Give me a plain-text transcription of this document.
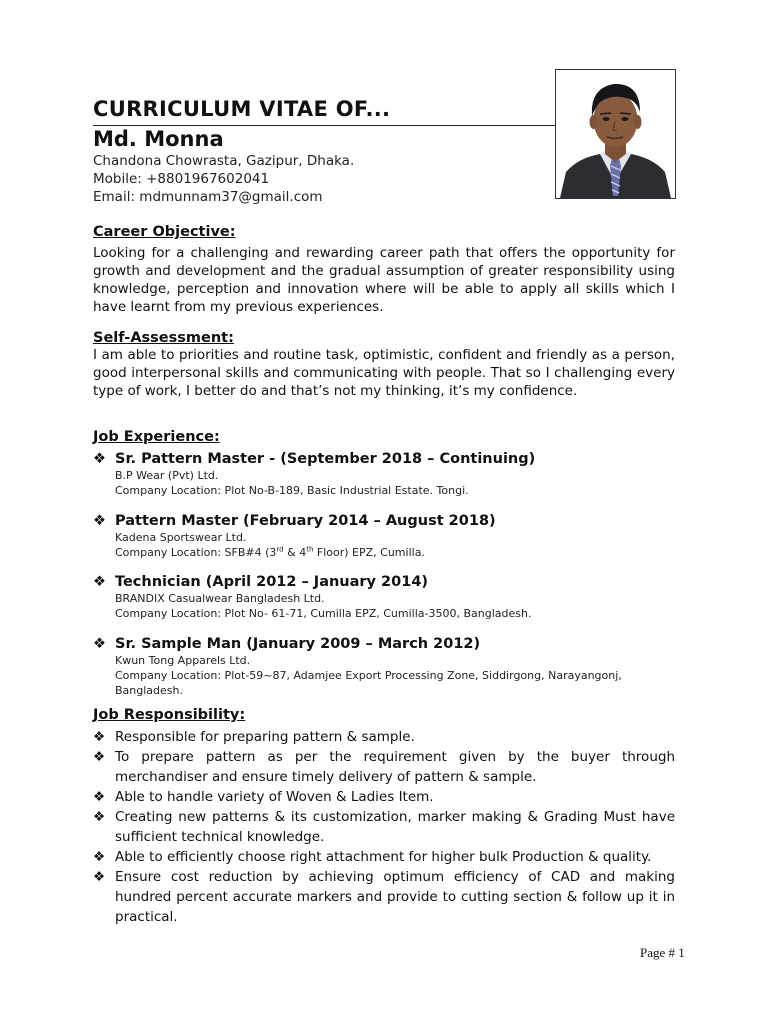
CURRICULUM VITAE OF...
Md. Monna
Chandona Chowrasta, Gazipur, Dhaka.
Mobile: +8801967602041
Email: mdmunnam37@gmail.com
Career Objective:
Looking for a challenging and rewarding career path that offers the opportunity for growth and development and the gradual assumption of greater responsibility using knowledge, perception and innovation where will be able to apply all skills which I have learnt from my previous experiences.
Self-Assessment:
I am able to priorities and routine task, optimistic, confident and friendly as a person, good interpersonal skills and communicating with people. That so I challenging every type of work, I better do and that’s not my thinking, it’s my confidence.
Job Experience:
❖ Sr. Pattern Master - (September 2018 – Continuing)
B.P Wear (Pvt) Ltd.
Company Location: Plot No-B-189, Basic Industrial Estate. Tongi.
❖ Pattern Master (February 2014 – August 2018)
Kadena Sportswear Ltd.
Company Location: SFB#4 (3rd & 4th Floor) EPZ, Cumilla.
❖ Technician (April 2012 – January 2014)
BRANDIX Casualwear Bangladesh Ltd.
Company Location: Plot No- 61-71, Cumilla EPZ, Cumilla-3500, Bangladesh.
❖ Sr. Sample Man (January 2009 – March 2012)
Kwun Tong Apparels Ltd.
Company Location: Plot-59~87, Adamjee Export Processing Zone, Siddirgong, Narayangonj,
Bangladesh.
Job Responsibility:
❖ Responsible for preparing pattern & sample.
❖ To prepare pattern as per the requirement given by the buyer through merchandiser and ensure timely delivery of pattern & sample.
❖ Able to handle variety of Woven & Ladies Item.
❖ Creating new patterns & its customization, marker making & Grading Must have sufficient technical knowledge.
❖ Able to efficiently choose right attachment for higher bulk Production & quality.
❖ Ensure cost reduction by achieving optimum efficiency of CAD and making hundred percent accurate markers and provide to cutting section & follow up it in practical.
Page # 1
